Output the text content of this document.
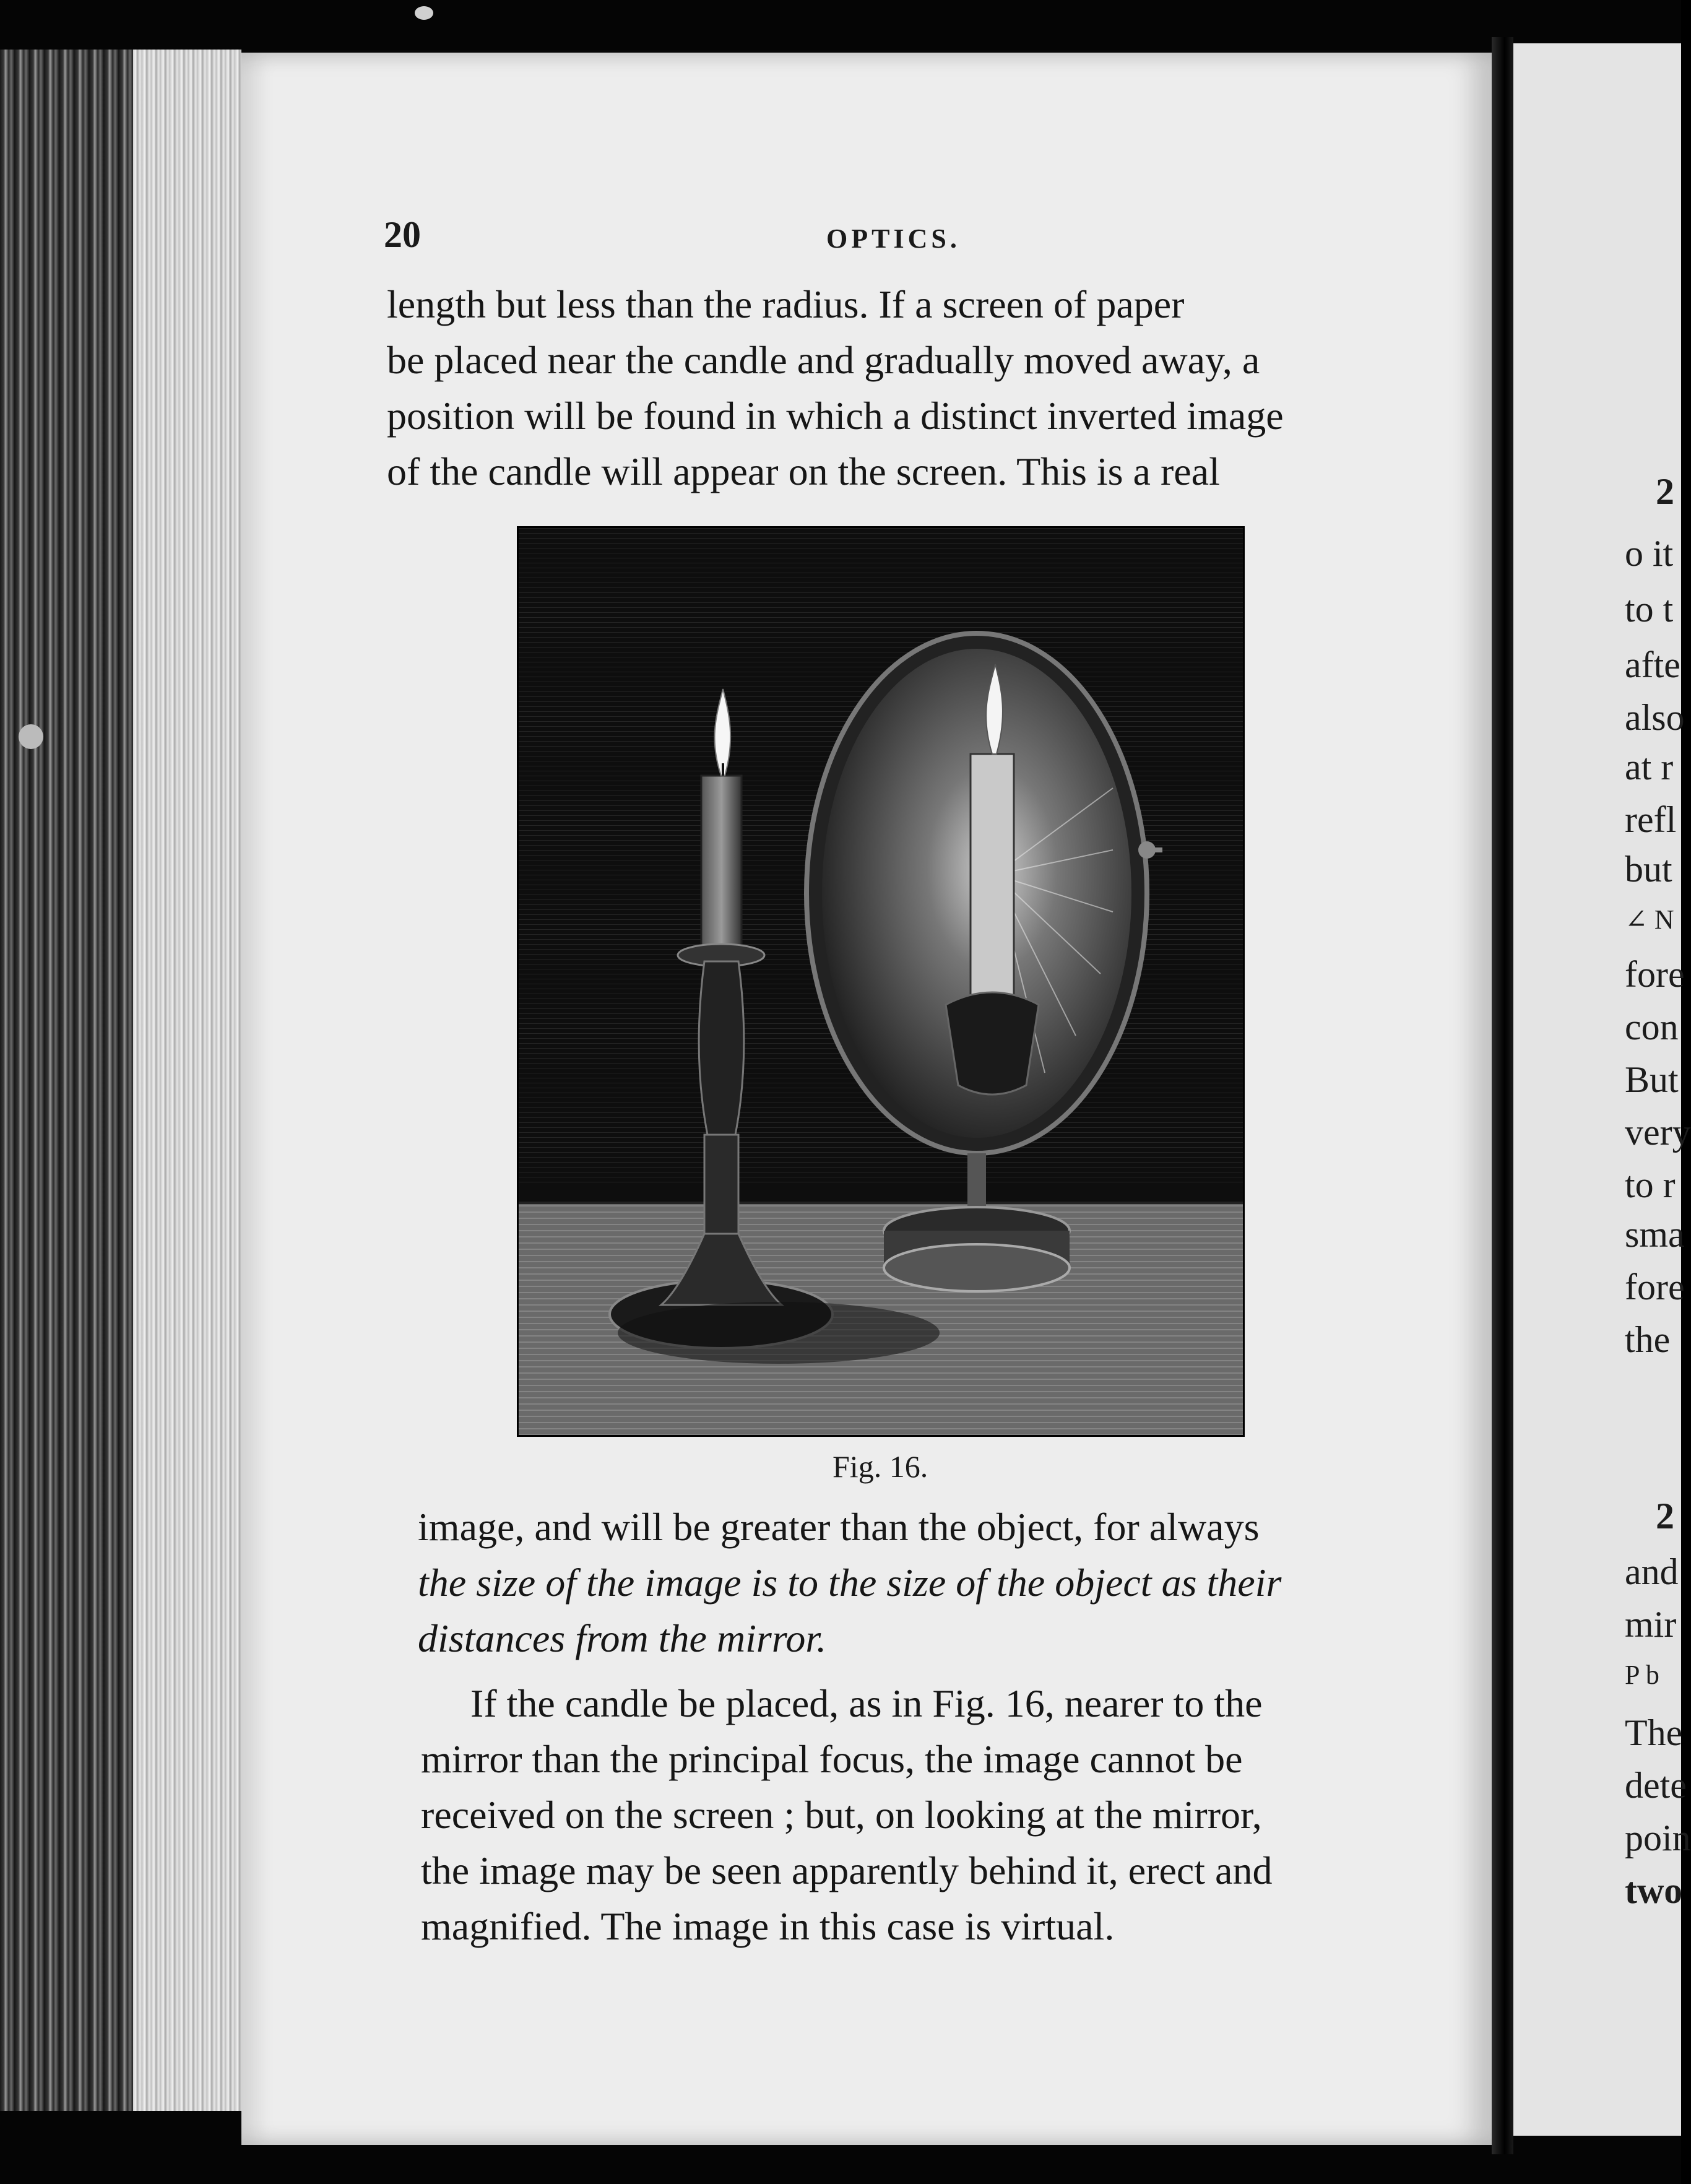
20	OPTICS.
length but less than the radius. If a screen of paper
be placed near the candle and gradually moved away, a
position will be found in which a distinct inverted image
of the candle will appear on the screen. This is a real
Fig. 16.
image, and will be greater than the object, for always
the size of the image is to the size of the object as their
distances from the mirror.
If the candle be placed, as in Fig. 16, nearer to the
mirror than the principal focus, the image cannot be
received on the screen ; but, on looking at the mirror,
the image may be seen apparently behind it, erect and
magnified. The image in this case is virtual.
2
o it
to t
afte
also
at r
refl
but
∠ N
fore
con
But
very
to r
sma
fore
the
2
and
mir
P b
The
dete
poin
two
